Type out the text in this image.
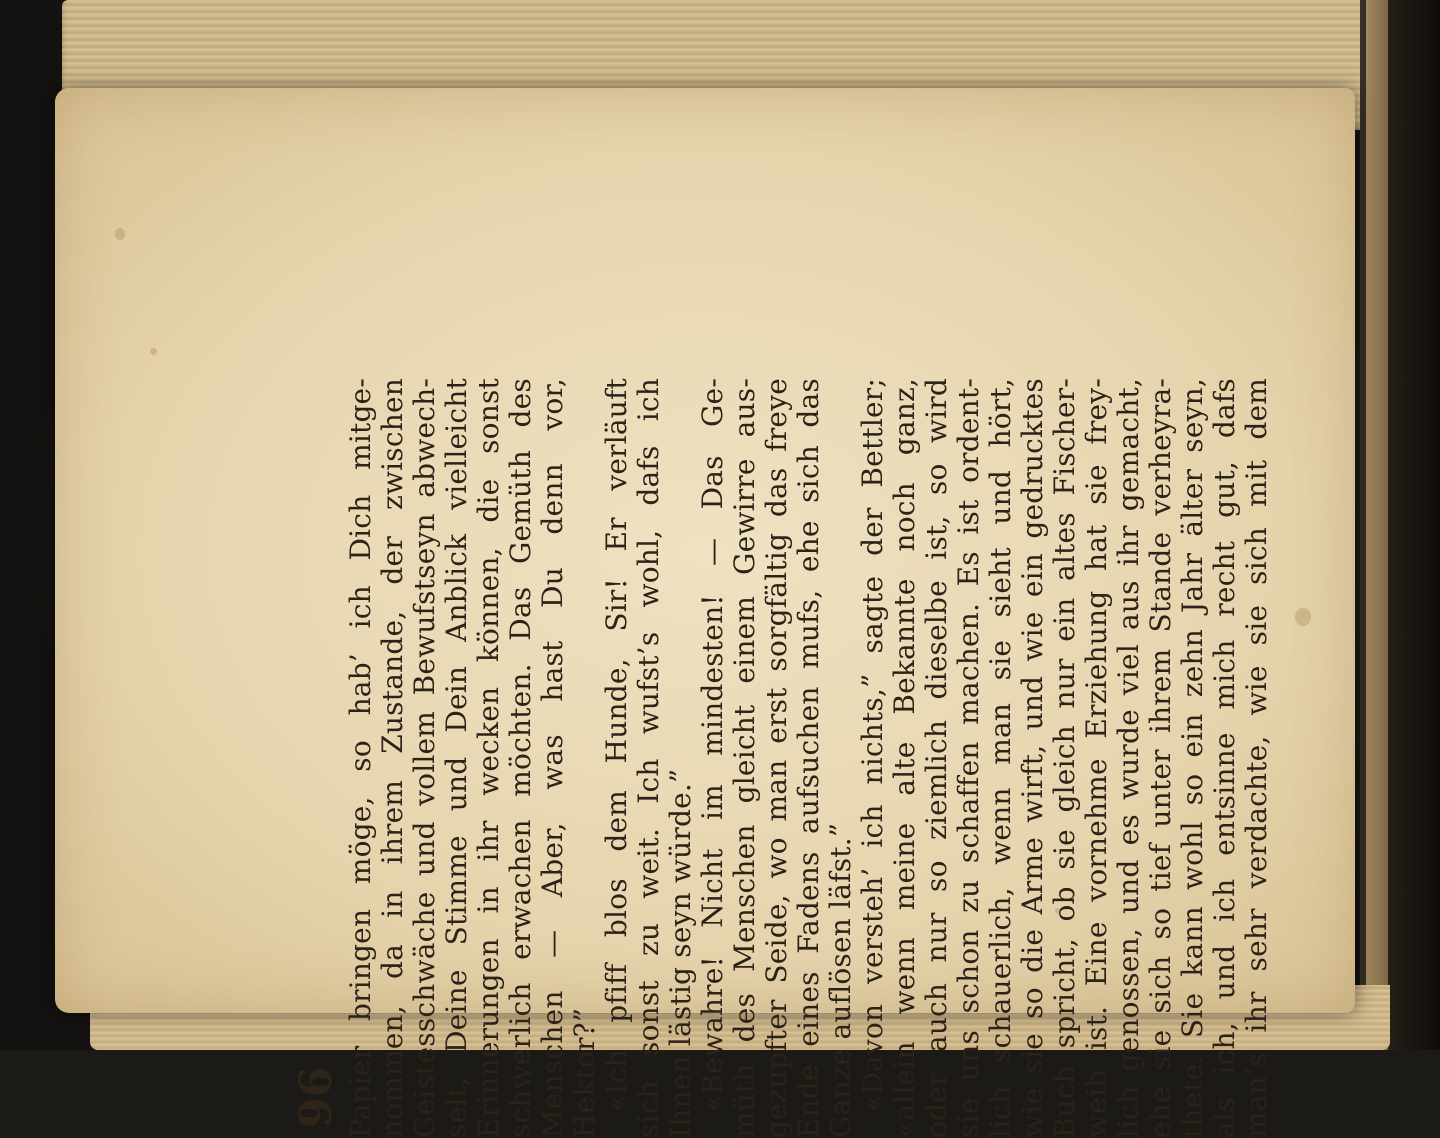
96 Papier bringen möge, so hab’ ich Dich mitge- nommen, da in ihrem Zustande, der zwischen Geistesschwäche und vollem Bewufstseyn abwech- selt, Deine Stimme und Dein Anblick vielleicht Erinnerungen in ihr wecken können, die sonst schwerlich erwachen möchten. Das Gemüth des Menschen — Aber, was hast Du denn vor, Hektor?” «Ich pfiff blos dem Hunde, Sir! Er verläuft sich sonst zu weit. Ich wufst’s wohl, dafs ich Ihnen lästig seyn würde.” «Bewahre! Nicht im mindesten! — Das Ge- müth des Menschen gleicht einem Gewirre aus- gezupfter Seide, wo man erst sorgfältig das freye Ende eines Fadens aufsuchen mufs, ehe sich das Ganze auflösen läfst.” «Davon versteh’ ich nichts,” sagte der Bettler; «allein wenn meine alte Bekannte noch ganz, oder auch nur so ziemlich dieselbe ist, so wird sie uns schon zu schaffen machen. Es ist ordent- lich schauerlich, wenn man sie sieht und hört, wie sie so die Arme wirft, und wie ein gedrucktes Buch spricht, ob sie gleich nur ein altes Fischer- weib ist. Eine vornehme Erziehung hat sie frey- lich genossen, und es wurde viel aus ihr gemacht, ehe sie sich so tief unter ihrem Stande verheyra- thete. Sie kann wohl so ein zehn Jahr älter seyn, als ich, und ich entsinne mich recht gut, dafs man’s ihr sehr verdachte, wie sie sich mit dem
